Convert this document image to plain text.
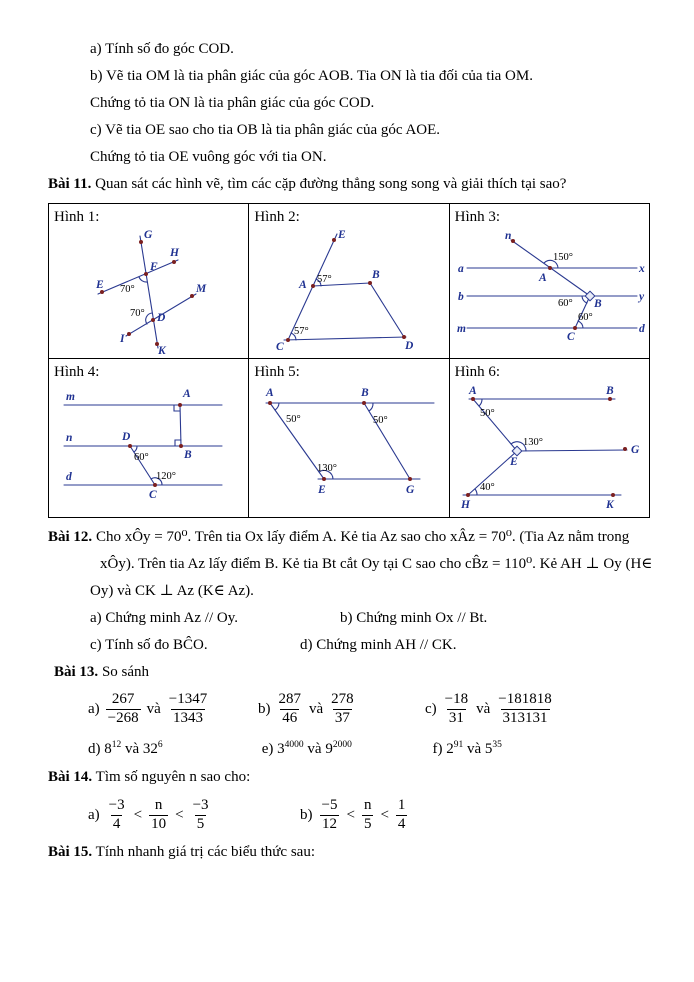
a) Tính số đo góc COD.
b) Vẽ tia OM là tia phân giác của góc AOB. Tia ON là tia đối của tia OM.
Chứng tỏ tia ON là tia phân giác của góc COD.
c) Vẽ tia OE sao cho tia OB là tia phân giác của góc AOE.
Chứng tỏ tia OE vuông góc với tia ON.
Bài 11. Quan sát các hình vẽ, tìm các cặp đường thẳng song song và giải thích tại sao?
Hình 1:
G
H
E
F
70°	M
70° D
I
K

Hình 2:
E
A 57°	B
57°
C	D

Hình 3:
n
a	x
150°
A
b	y
60° B
m	d
60°
C

Hình 4:
m	A
n	D
B
60°
d	120°
C

Hình 5:
A	B
50°	50°
130°
E	G

Hình 6:
A	B
50°
130°
G
E
40°
H	K
Bài 12. Cho xÔy = 70⁰. Trên tia Ox lấy điểm A. Kẻ tia Az sao cho xÂz = 70⁰. (Tia Az nằm trong
xÔy). Trên tia Az lấy điểm B. Kẻ tia Bt cắt Oy tại C sao cho cB̂z = 110⁰. Kẻ AH ⊥ Oy (H∈
Oy) và CK ⊥ Az (K∈ Az).
a) Chứng minh Az // Oy.	b) Chứng minh Ox // Bt.
c) Tính số đo BĈO.	d) Chứng minh AH // CK.
Bài 13. So sánh
$a) \frac{267}{-268}$ và $\frac{-1347}{1343}$	$b) \frac{287}{46}$ và $\frac{278}{37}$	$c) \frac{-18}{31}$ và $\frac{-181818}{313131}$
d) $8^{12}$ và $32^6$	e) $3^{4000}$ và $9^{2000}$	f) $2^{91}$ và $5^{35}$
Bài 14. Tìm số nguyên n sao cho:
$a) \frac{-3}{4} < \frac{n}{10} < \frac{-3}{5}$	$b) \frac{-5}{12} < \frac{n}{5} < \frac{1}{4}$
Bài 15. Tính nhanh giá trị các biểu thức sau:
